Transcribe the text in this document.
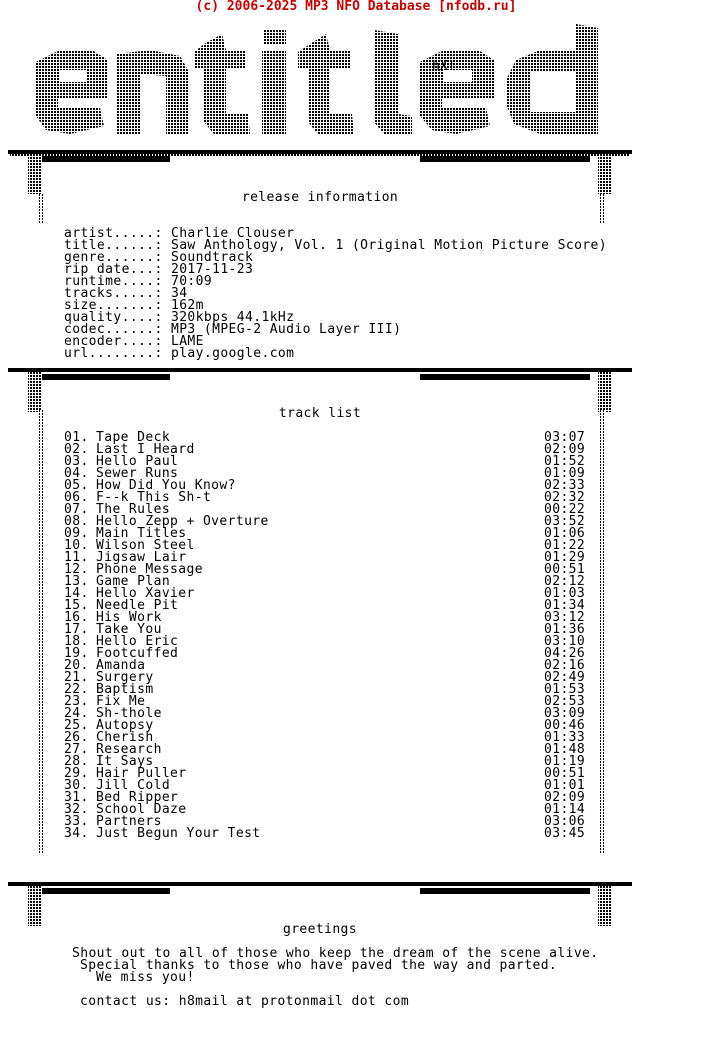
(c) 2006-2025 MP3 NFO Database [nfodb.ru]
hX!
release information
artist.....: Charlie Clouser
title......: Saw Anthology, Vol. 1 (Original Motion Picture Score)
genre......: Soundtrack
rip date...: 2017-11-23
runtime....: 70:09
tracks.....: 34
size.......: 162m
quality....: 320kbps 44.1kHz
codec......: MP3 (MPEG-2 Audio Layer III)
encoder....: LAME
url........: play.google.com
track list
01. Tape Deck	03:07
02. Last I Heard	02:09
03. Hello Paul	01:52
04. Sewer Runs	01:09
05. How Did You Know?	02:33
06. F--k This Sh-t	02:32
07. The Rules	00:22
08. Hello Zepp + Overture	03:52
09. Main Titles	01:06
10. Wilson Steel	01:22
11. Jigsaw Lair	01:29
12. Phone Message	00:51
13. Game Plan	02:12
14. Hello Xavier	01:03
15. Needle Pit	01:34
16. His Work	03:12
17. Take You	01:36
18. Hello Eric	03:10
19. Footcuffed	04:26
20. Amanda	02:16
21. Surgery	02:49
22. Baptism	01:53
23. Fix Me	02:53
24. Sh-thole	03:09
25. Autopsy	00:46
26. Cherish	01:33
27. Research	01:48
28. It Says	01:19
29. Hair Puller	00:51
30. Jill Cold	01:01
31. Bed Ripper	02:09
32. School Daze	01:14
33. Partners	03:06
34. Just Begun Your Test	03:45
greetings
Shout out to all of those who keep the dream of the scene alive.
Special thanks to those who have paved the way and parted.
We miss you!
contact us: h8mail at protonmail dot com
